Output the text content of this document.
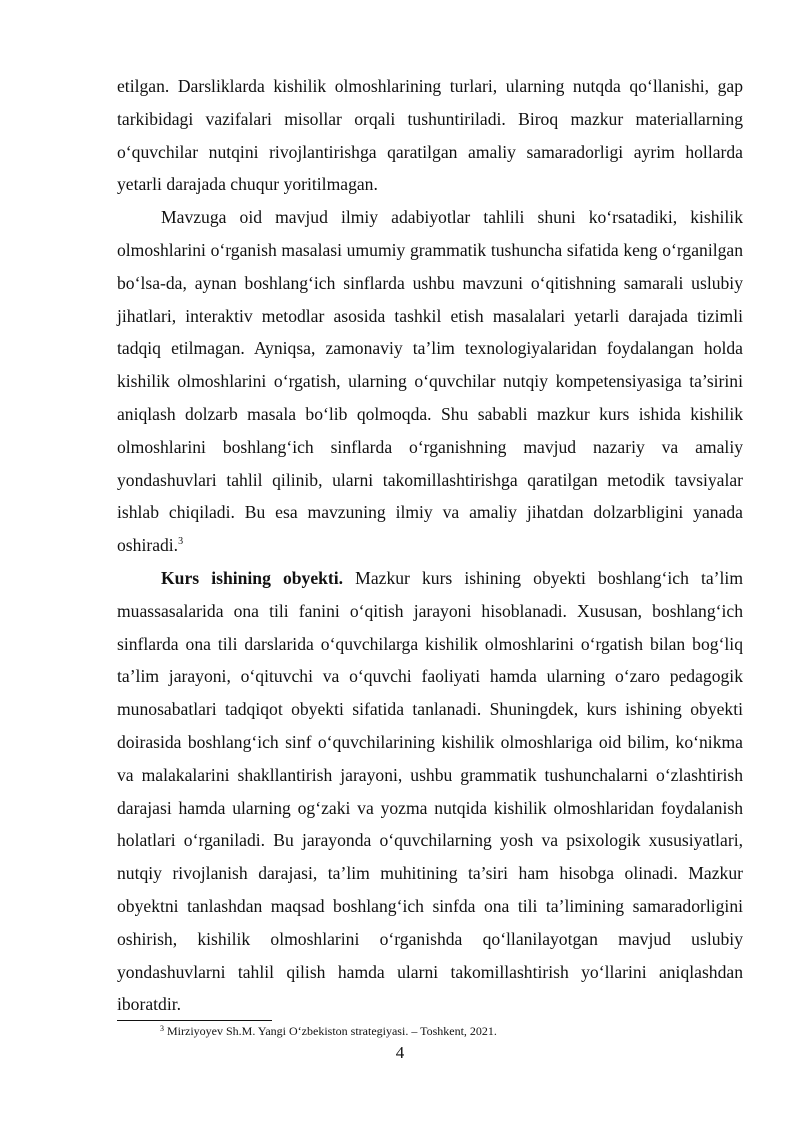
etilgan. Darsliklarda kishilik olmoshlarining turlari, ularning nutqda qo‘llanishi, gap tarkibidagi vazifalari misollar orqali tushuntiriladi. Biroq mazkur materiallarning o‘quvchilar nutqini rivojlantirishga qaratilgan amaliy samaradorligi ayrim hollarda yetarli darajada chuqur yoritilmagan.

Mavzuga oid mavjud ilmiy adabiyotlar tahlili shuni ko‘rsatadiki, kishilik olmoshlarini o‘rganish masalasi umumiy grammatik tushuncha sifatida keng o‘rganilgan bo‘lsa-da, aynan boshlang‘ich sinflarda ushbu mavzuni o‘qitishning samarali uslubiy jihatlari, interaktiv metodlar asosida tashkil etish masalalari yetarli darajada tizimli tadqiq etilmagan. Ayniqsa, zamonaviy ta’lim texnologiyalaridan foydalangan holda kishilik olmoshlarini o‘rgatish, ularning o‘quvchilar nutqiy kompetensiyasiga ta’sirini aniqlash dolzarb masala bo‘lib qolmoqda. Shu sababli mazkur kurs ishida kishilik olmoshlarini boshlang‘ich sinflarda o‘rganishning mavjud nazariy va amaliy yondashuvlari tahlil qilinib, ularni takomillashtirishga qaratilgan metodik tavsiyalar ishlab chiqiladi. Bu esa mavzuning ilmiy va amaliy jihatdan dolzarbligini yanada oshiradi.$^3$

Kurs ishining obyekti. Mazkur kurs ishining obyekti boshlang‘ich ta’lim muassasalarida ona tili fanini o‘qitish jarayoni hisoblanadi. Xususan, boshlang‘ich sinflarda ona tili darslarida o‘quvchilarga kishilik olmoshlarini o‘rgatish bilan bog‘liq ta’lim jarayoni, o‘qituvchi va o‘quvchi faoliyati hamda ularning o‘zaro pedagogik munosabatlari tadqiqot obyekti sifatida tanlanadi. Shuningdek, kurs ishining obyekti doirasida boshlang‘ich sinf o‘quvchilarining kishilik olmoshlariga oid bilim, ko‘nikma va malakalarini shakllantirish jarayoni, ushbu grammatik tushunchalarni o‘zlashtirish darajasi hamda ularning og‘zaki va yozma nutqida kishilik olmoshlaridan foydalanish holatlari o‘rganiladi. Bu jarayonda o‘quvchilarning yosh va psixologik xususiyatlari, nutqiy rivojlanish darajasi, ta’lim muhitining ta’siri ham hisobga olinadi. Mazkur obyektni tanlashdan maqsad boshlang‘ich sinfda ona tili ta’limining samaradorligini oshirish, kishilik olmoshlarini o‘rganishda qo‘llanilayotgan mavjud uslubiy yondashuvlarni tahlil qilish hamda ularni takomillashtirish yo‘llarini aniqlashdan iboratdir.

$^3$ Mirziyoyev Sh.M. Yangi O‘zbekiston strategiyasi. – Toshkent, 2021.
4
